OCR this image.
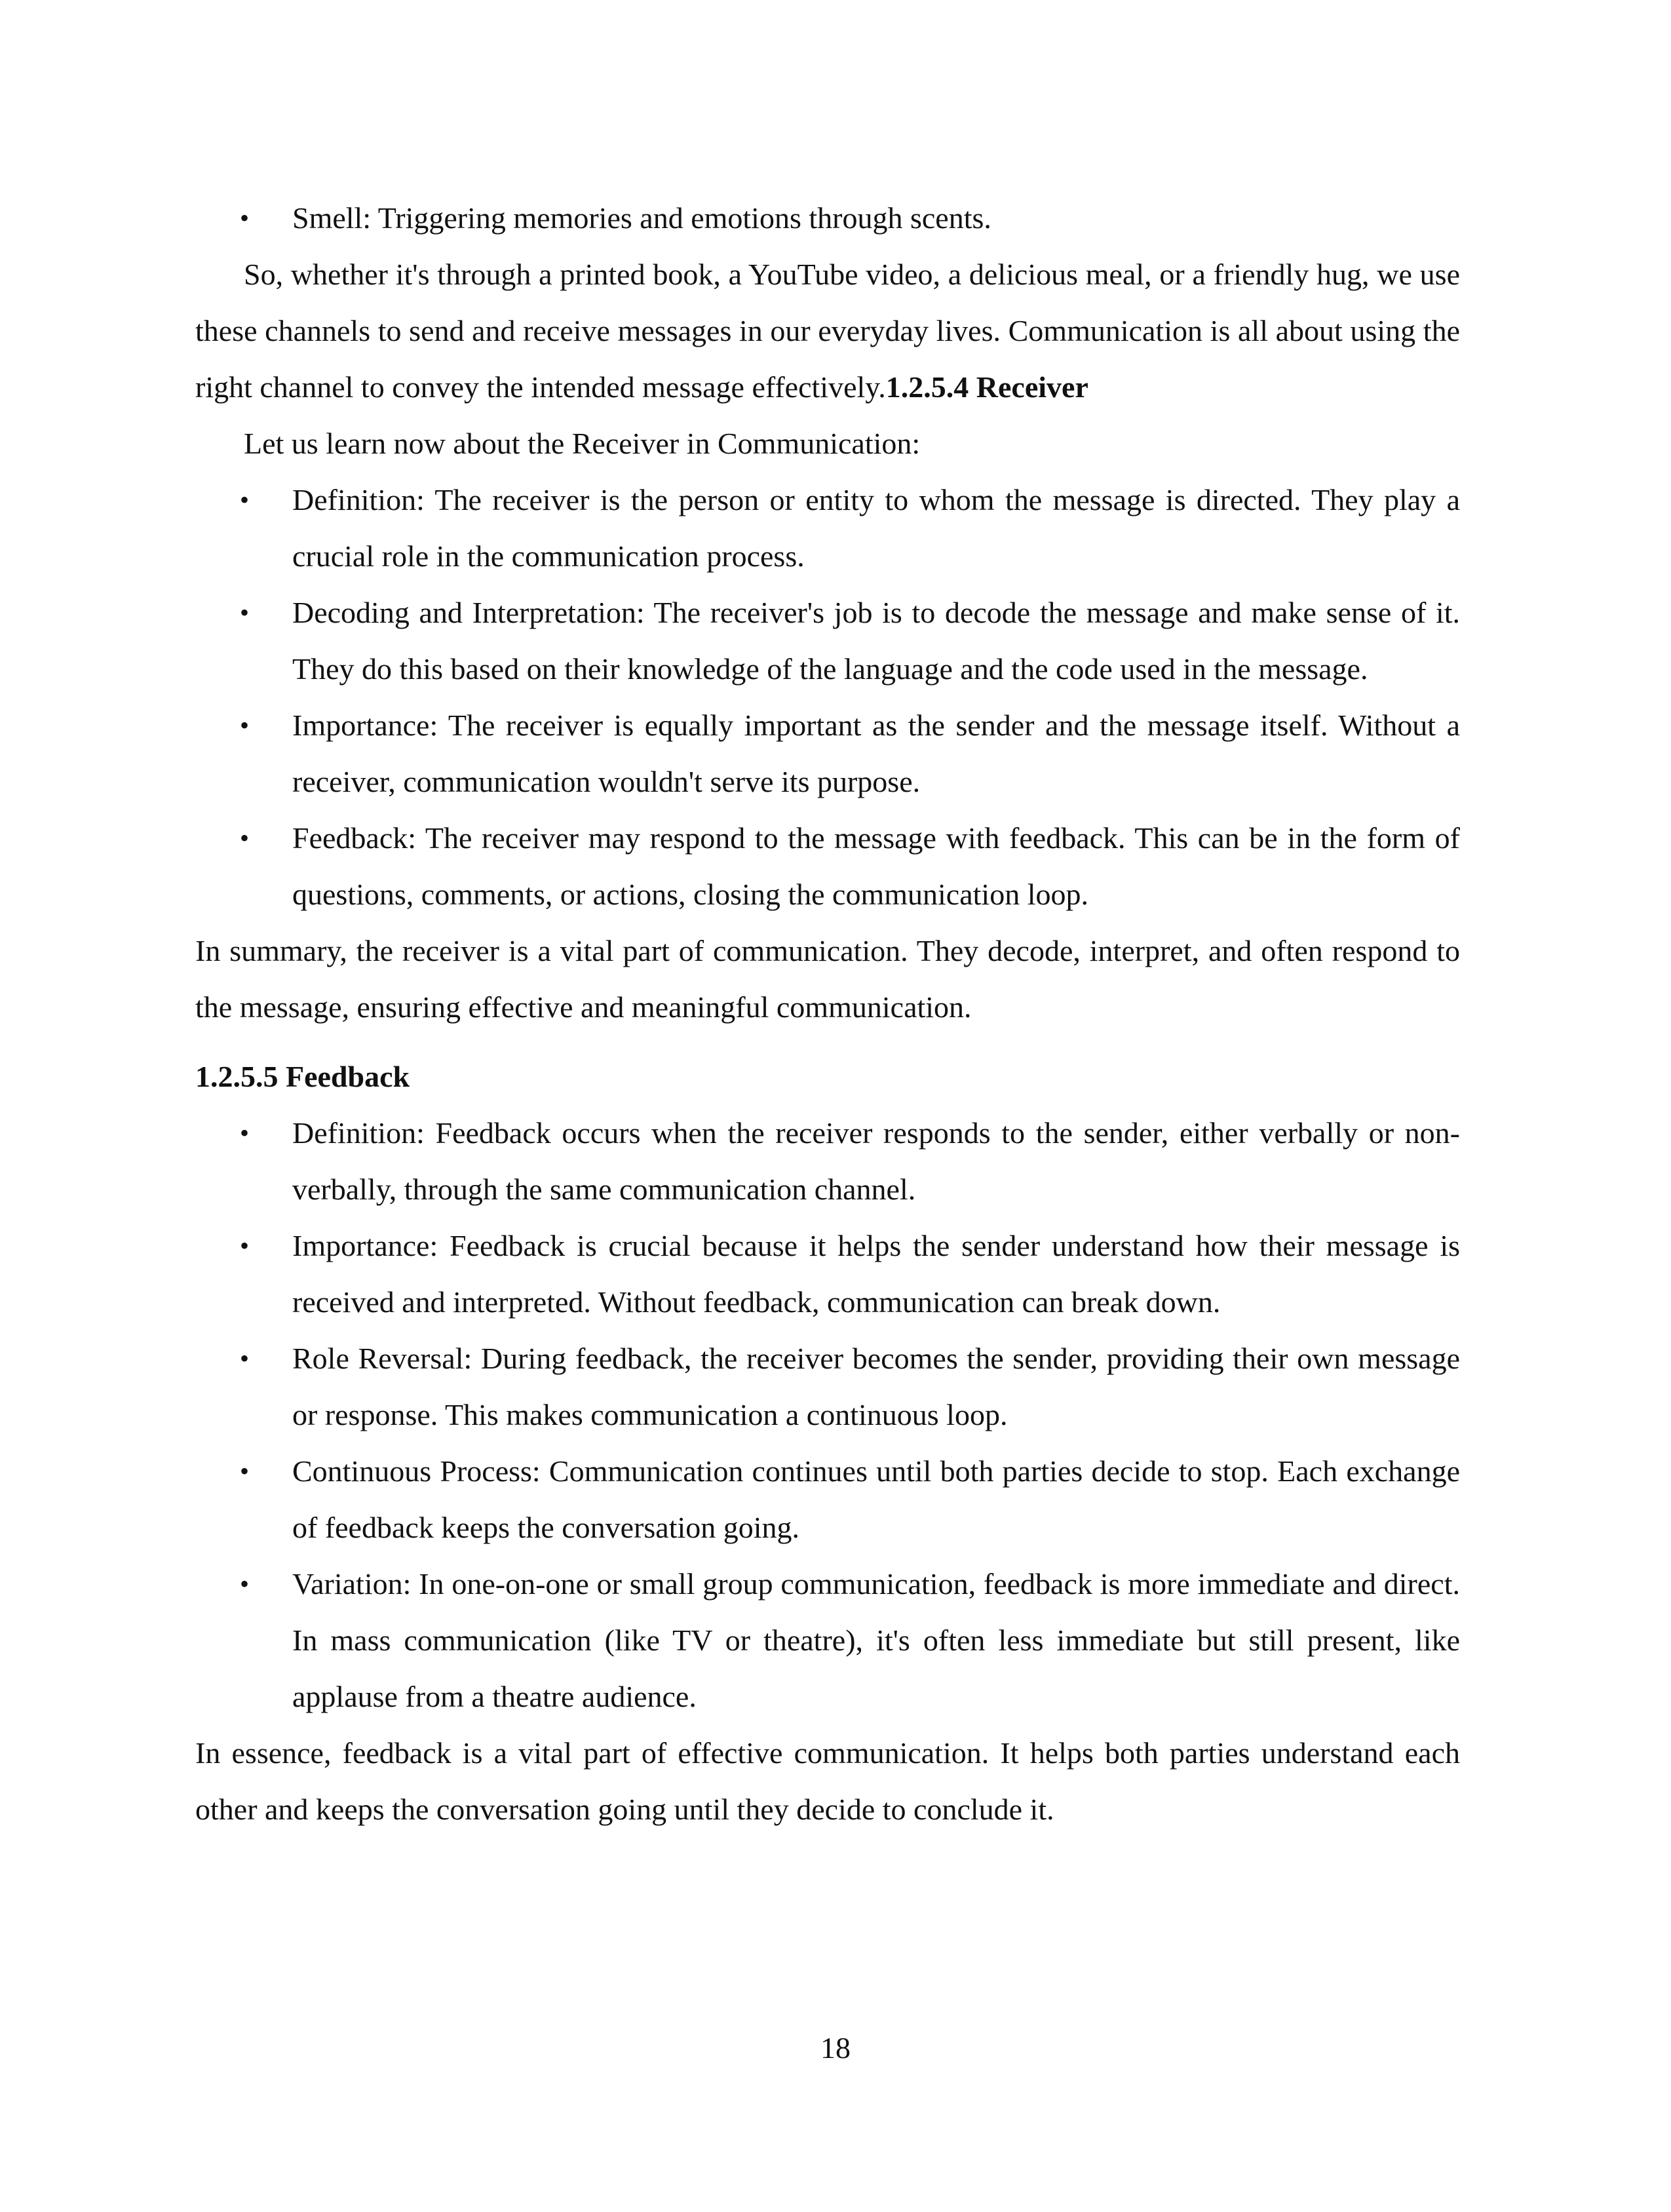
• Smell: Triggering memories and emotions through scents.

So, whether it's through a printed book, a YouTube video, a delicious meal, or a friendly hug, we use these channels to send and receive messages in our everyday lives. Communication is all about using the right channel to convey the intended message effectively.1.2.5.4 Receiver

Let us learn now about the Receiver in Communication:

• Definition: The receiver is the person or entity to whom the message is directed. They play a crucial role in the communication process.
• Decoding and Interpretation: The receiver's job is to decode the message and make sense of it. They do this based on their knowledge of the language and the code used in the message.
• Importance: The receiver is equally important as the sender and the message itself. Without a receiver, communication wouldn't serve its purpose.
• Feedback: The receiver may respond to the message with feedback. This can be in the form of questions, comments, or actions, closing the communication loop.

In summary, the receiver is a vital part of communication. They decode, interpret, and often respond to the message, ensuring effective and meaningful communication.

1.2.5.5 Feedback

• Definition: Feedback occurs when the receiver responds to the sender, either verbally or non-verbally, through the same communication channel.
• Importance: Feedback is crucial because it helps the sender understand how their message is received and interpreted. Without feedback, communication can break down.
• Role Reversal: During feedback, the receiver becomes the sender, providing their own message or response. This makes communication a continuous loop.
• Continuous Process: Communication continues until both parties decide to stop. Each exchange of feedback keeps the conversation going.
• Variation: In one-on-one or small group communication, feedback is more immediate and direct. In mass communication (like TV or theatre), it's often less immediate but still present, like applause from a theatre audience.

In essence, feedback is a vital part of effective communication. It helps both parties understand each other and keeps the conversation going until they decide to conclude it.

18
